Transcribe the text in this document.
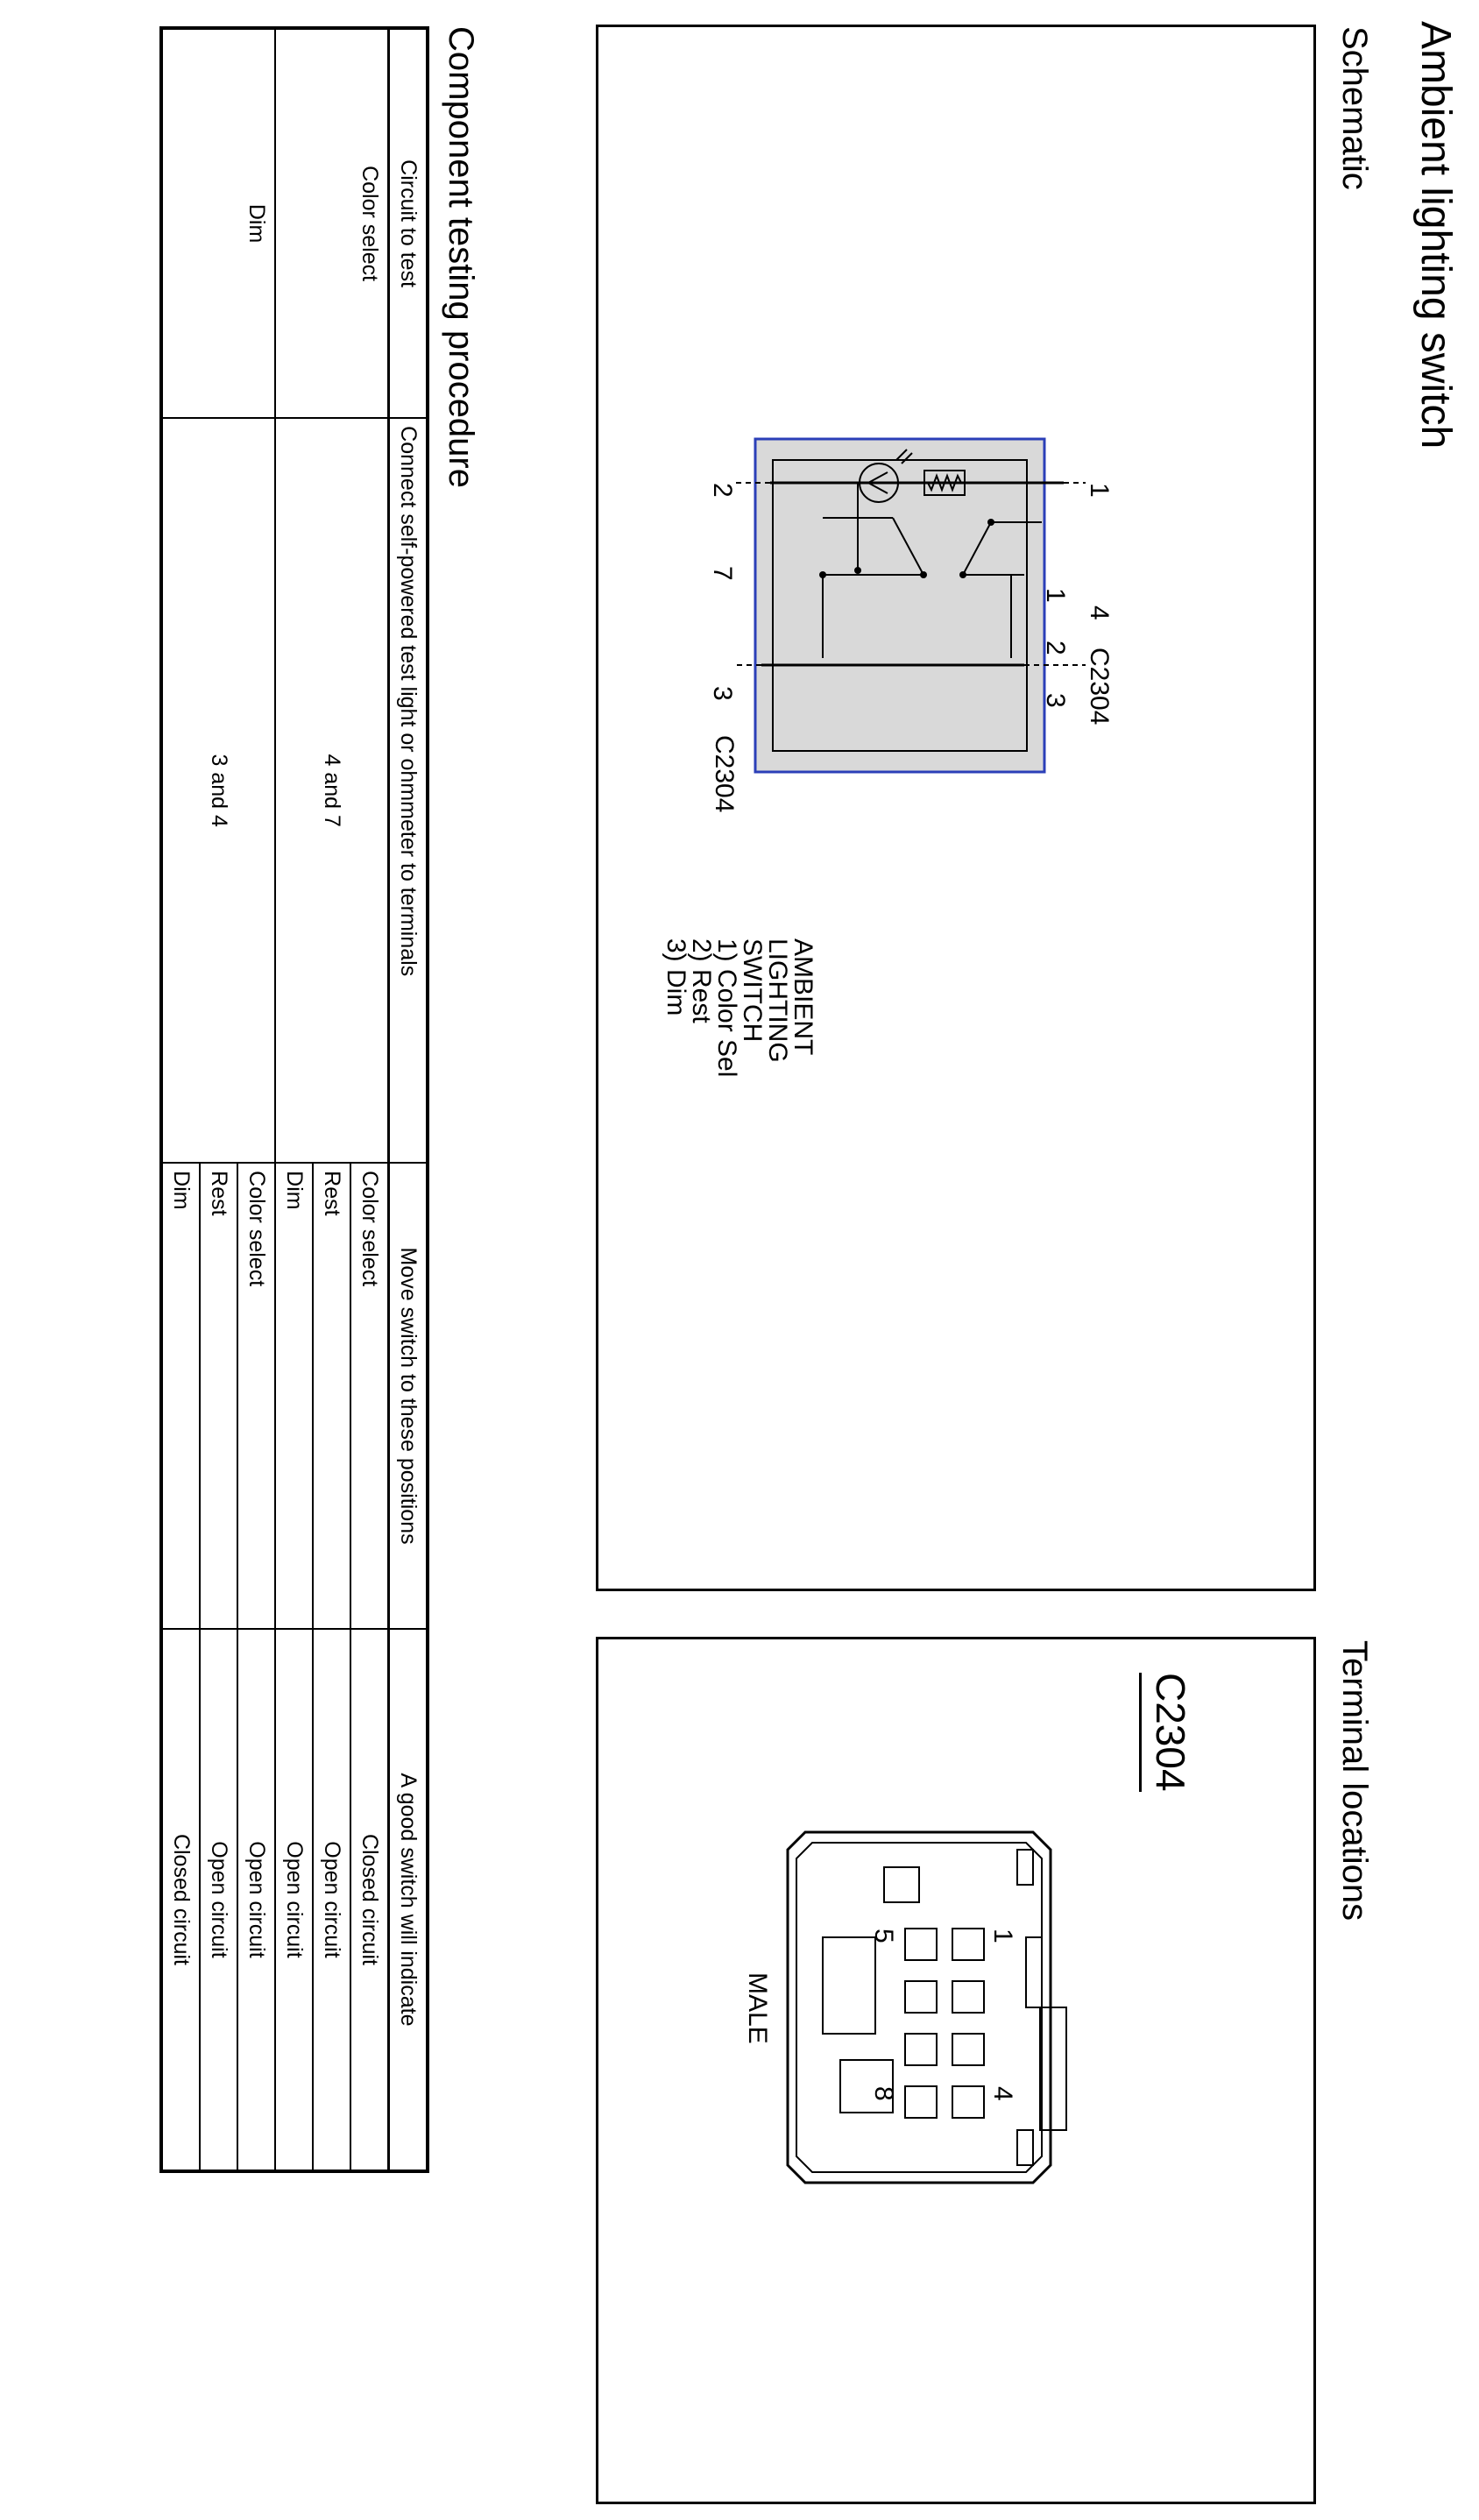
Ambient lighting switch
Schematic
1
2
7
4
3	C2304
C2304
1
2
3
AMBIENT
LIGHTING
SWITCH
1) Color Sel
2) Rest
3) Dim
Terminal locations
C2304
1
4
5
8
MALE
Component testing procedure
Circuit to test	Connect self-powered test light or ohmmeter to terminals	Move switch to these positions	A good switch will indicate
Color select	4 and 7	Color select	Closed circuit
		Rest	Open circuit
		Dim	Open circuit
Dim	3 and 4	Color select	Open circuit
		Rest	Open circuit
		Dim	Closed circuit
